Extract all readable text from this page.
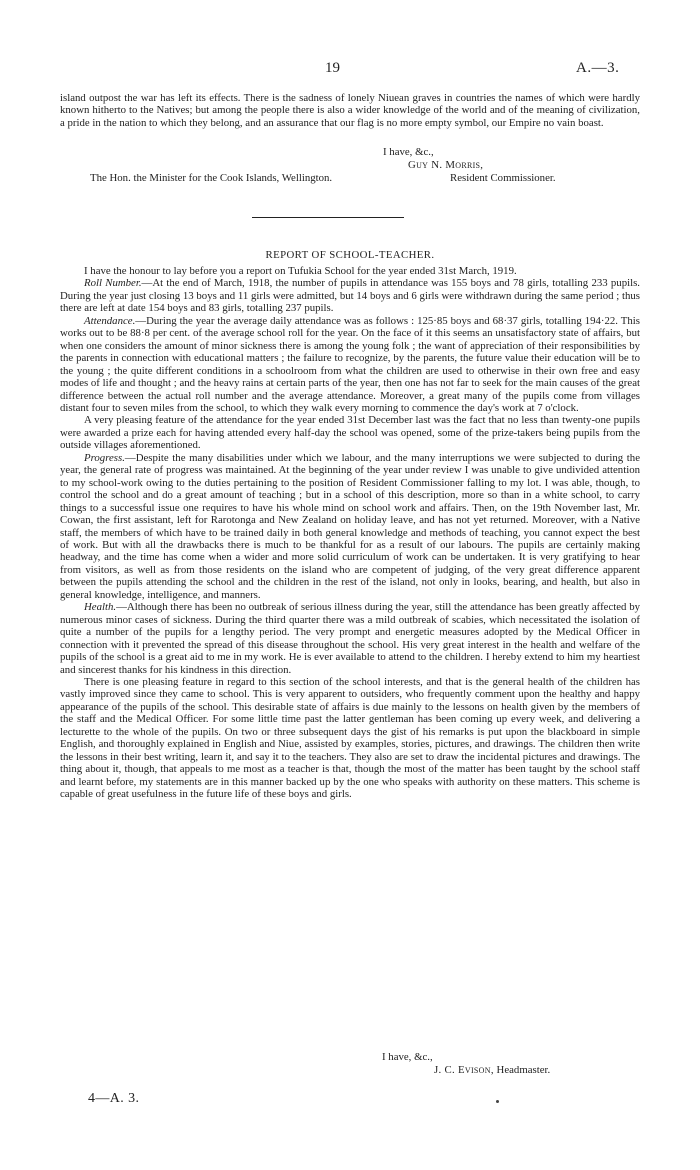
19	A.—3.

island outpost the war has left its effects. There is the sadness of lonely Niuean graves in countries the names of which were hardly known hitherto to the Natives; but among the people there is also a wider knowledge of the world and of the meaning of civilization, a pride in the nation to which they belong, and an assurance that our flag is no more empty symbol, our Empire no vain boast.

I have, &c.,
Guy N. Morris,
The Hon. the Minister for the Cook Islands, Wellington.	Resident Commissioner.
REPORT OF SCHOOL-TEACHER.

I have the honour to lay before you a report on Tufukia School for the year ended 31st March, 1919.

Roll Number.—At the end of March, 1918, the number of pupils in attendance was 155 boys and 78 girls, totalling 233 pupils. During the year just closing 13 boys and 11 girls were admitted, but 14 boys and 6 girls were withdrawn during the same period ; thus there are left at date 154 boys and 83 girls, totalling 237 pupils.

Attendance.—During the year the average daily attendance was as follows : 125·85 boys and 68·37 girls, totalling 194·22. This works out to be 88·8 per cent. of the average school roll for the year. On the face of it this seems an unsatisfactory state of affairs, but when one considers the amount of minor sickness there is among the young folk ; the want of appreciation of their responsibilities by the parents in connection with educational matters ; the failure to recognize, by the parents, the future value their education will be to the young ; the quite different conditions in a schoolroom from what the children are used to otherwise in their own free and easy modes of life and thought ; and the heavy rains at certain parts of the year, then one has not far to seek for the main causes of the great difference between the actual roll number and the average attendance. Moreover, a great many of the pupils come from villages distant four to seven miles from the school, to which they walk every morning to commence the day's work at 7 o'clock.

A very pleasing feature of the attendance for the year ended 31st December last was the fact that no less than twenty-one pupils were awarded a prize each for having attended every half-day the school was opened, some of the prize-takers being pupils from the outside villages aforementioned.

Progress.—Despite the many disabilities under which we labour, and the many interruptions we were subjected to during the year, the general rate of progress was maintained. At the beginning of the year under review I was unable to give undivided attention to my school-work owing to the duties pertaining to the position of Resident Commissioner falling to my lot. I was able, though, to control the school and do a great amount of teaching ; but in a school of this description, more so than in a white school, to carry things to a successful issue one requires to have his whole mind on school work and affairs. Then, on the 19th November last, Mr. Cowan, the first assistant, left for Rarotonga and New Zealand on holiday leave, and has not yet returned. Moreover, with a Native staff, the members of which have to be trained daily in both general knowledge and methods of teaching, you cannot expect the best of work. But with all the drawbacks there is much to be thankful for as a result of our labours. The pupils are certainly making headway, and the time has come when a wider and more solid curriculum of work can be undertaken. It is very gratifying to hear from visitors, as well as from those residents on the island who are competent of judging, of the very great difference apparent between the pupils attending the school and the children in the rest of the island, not only in looks, bearing, and health, but also in general knowledge, intelligence, and manners.

Health.—Although there has been no outbreak of serious illness during the year, still the attendance has been greatly affected by numerous minor cases of sickness. During the third quarter there was a mild outbreak of scabies, which necessitated the isolation of quite a number of the pupils for a lengthy period. The very prompt and energetic measures adopted by the Medical Officer in connection with it prevented the spread of this disease throughout the school. His very great interest in the health and welfare of the pupils of the school is a great aid to me in my work. He is ever available to attend to the children. I hereby extend to him my heartiest and sincerest thanks for his kindness in this direction.

There is one pleasing feature in regard to this section of the school interests, and that is the general health of the children has vastly improved since they came to school. This is very apparent to outsiders, who frequently comment upon the healthy and happy appearance of the pupils of the school. This desirable state of affairs is due mainly to the lessons on health given by the members of the staff and the Medical Officer. For some little time past the latter gentleman has been coming up every week, and delivering a lecturette to the whole of the pupils. On two or three subsequent days the gist of his remarks is put upon the blackboard in simple English, and thoroughly explained in English and Niue, assisted by examples, stories, pictures, and drawings. The children then write the lessons in their best writing, learn it, and say it to the teachers. They also are set to draw the incidental pictures and drawings. The thing about it, though, that appeals to me most as a teacher is that, though the most of the matter has been taught by the school staff and learnt before, my statements are in this manner backed up by the one who speaks with authority on these matters. This scheme is capable of great usefulness in the future life of these boys and girls.

I have, &c.,
J. C. Evison, Headmaster.
4—A. 3.
